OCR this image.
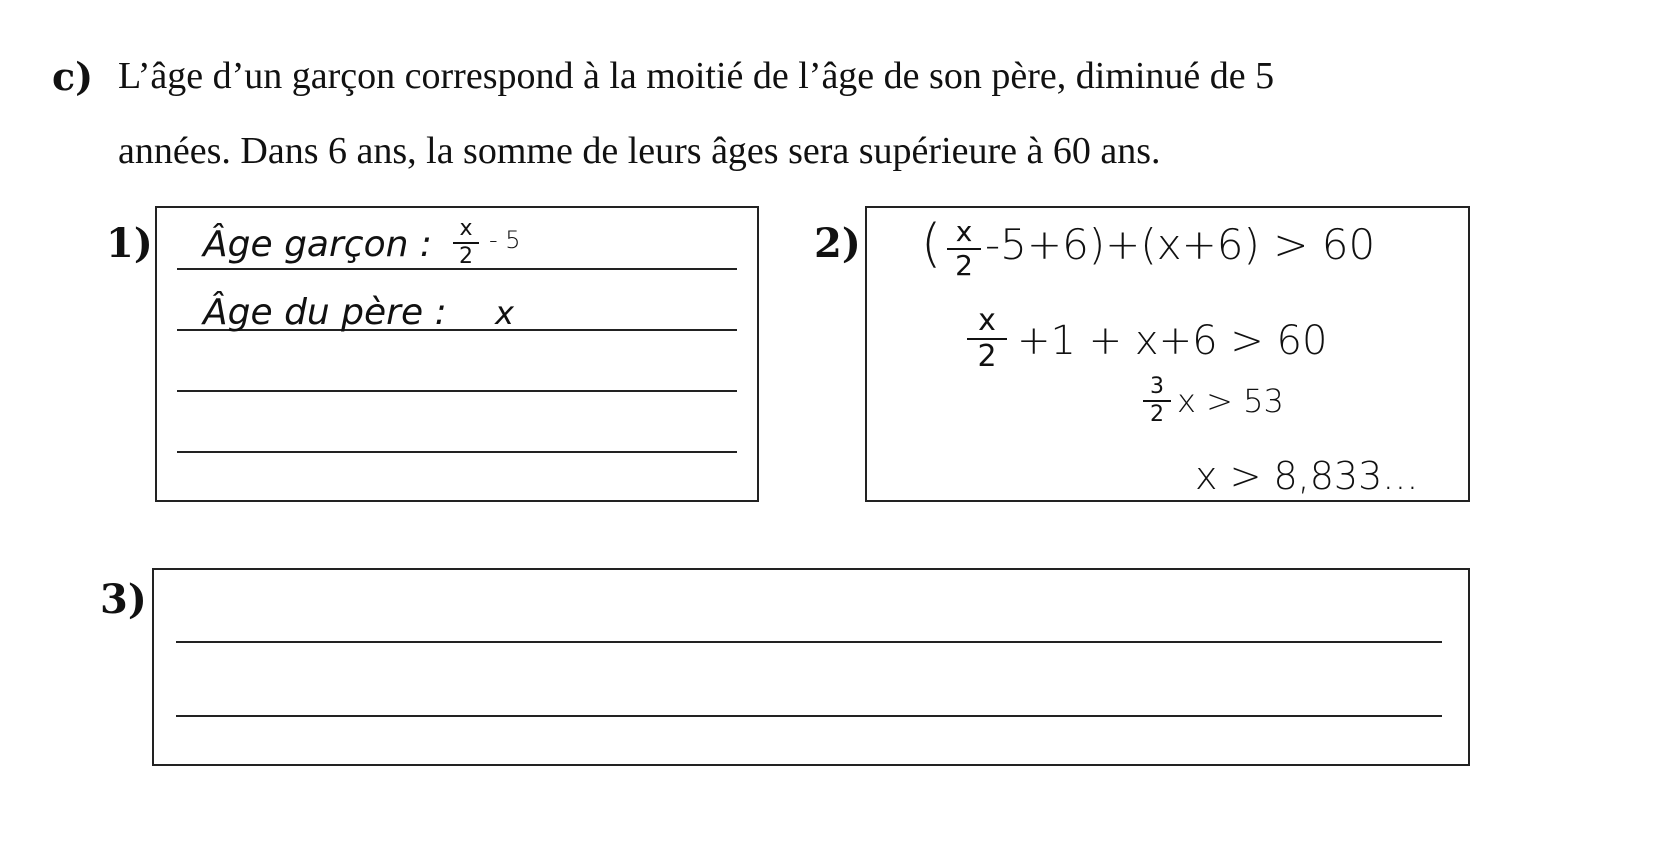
c) L’âge d’un garçon correspond à la moitié de l’âge de son père, diminué de 5
années. Dans 6 ans, la somme de leurs âges sera supérieure à 60 ans.
1) Âge garçon : x
2
- 5
Âge du père : x
2) ( x
2 -5+6)+(x+6) > 60
x
2 +1 + x+6 > 60
3
2 x > 53
x > 8,833...
3)
